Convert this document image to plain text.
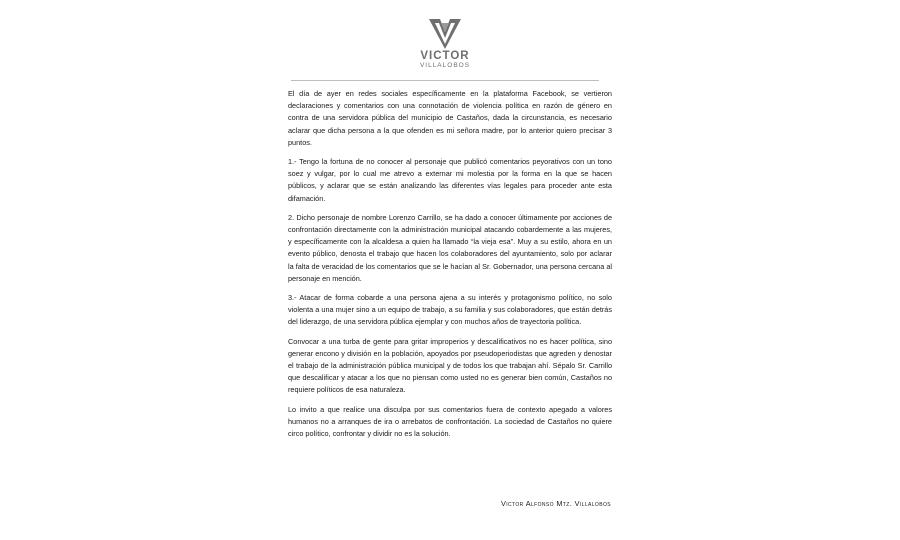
VICTOR
VILLALOBOS

El día de ayer en redes sociales específicamente en la plataforma Facebook, se vertieron declaraciones y comentarios con una connotación de violencia política en razón de género en contra de una servidora pública del municipio de Castaños, dada la circunstancia, es necesario aclarar que dicha persona a la que ofenden es mi señora madre, por lo anterior quiero precisar 3 puntos.

1.- Tengo la fortuna de no conocer al personaje que publicó comentarios peyorativos con un tono soez y vulgar, por lo cual me atrevo a externar mi molestia por la forma en la que se hacen públicos, y aclarar que se están analizando las diferentes vías legales para proceder ante esta difamación.

2. Dicho personaje de nombre Lorenzo Carrillo, se ha dado a conocer últimamente por acciones de confrontación directamente con la administración municipal atacando cobardemente a las mujeres, y específicamente con la alcaldesa a quien ha llamado “la vieja esa”. Muy a su estilo, ahora en un evento público, denosta el trabajo que hacen los colaboradores del ayuntamiento, solo por aclarar la falta de veracidad de los comentarios que se le hacían al Sr. Gobernador, una persona cercana al personaje en mención.

3.- Atacar de forma cobarde a una persona ajena a su interés y protagonismo político, no solo violenta a una mujer sino a un equipo de trabajo, a su familia y sus colaboradores, que están detrás del liderazgo, de una servidora pública ejemplar y con muchos años de trayectoria política.

Convocar a una turba de gente para gritar improperios y descalificativos no es hacer política, sino generar encono y división en la población, apoyados por pseudoperiodistas que agreden y denostar el trabajo de la administración pública municipal y de todos los que trabajan ahí. Sépalo Sr. Carrillo que descalificar y atacar a los que no piensan como usted no es generar bien común, Castaños no requiere políticos de esa naturaleza.

Lo invito a que realice una disculpa por sus comentarios fuera de contexto apegado a valores humanos no a arranques de ira o arrebatos de confrontación. La sociedad de Castaños no quiere circo político, confrontar y dividir no es la solución.

Victor Alfonso Mtz. Villalobos
